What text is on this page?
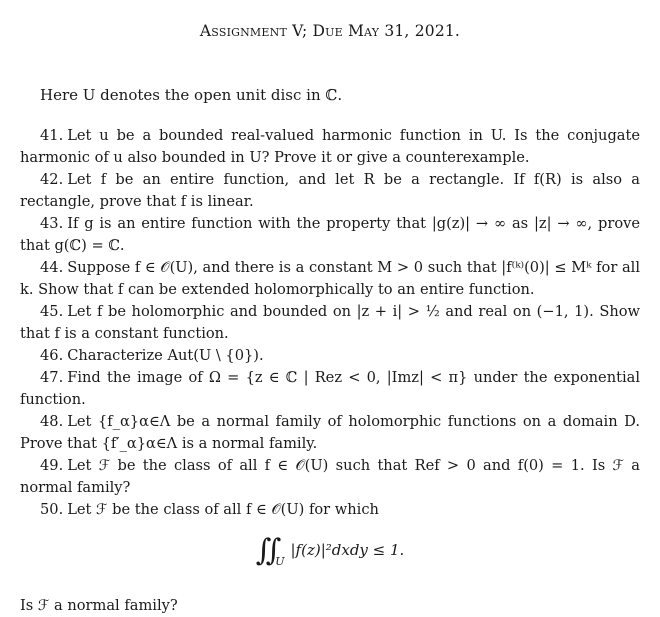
Assignment V; Due May 31, 2021.
Here U denotes the open unit disc in ℂ.

41. Let u be a bounded real-valued harmonic function in U. Is the conjugate harmonic of u also bounded in U? Prove it or give a counterexample.

42. Let f be an entire function, and let R be a rectangle. If f(R) is also a rectangle, prove that f is linear.

43. If g is an entire function with the property that |g(z)| → ∞ as |z| → ∞, prove that g(ℂ) = ℂ.

44. Suppose f ∈ 𝒪(U), and there is a constant M > 0 such that |f⁽ᵏ⁾(0)| ≤ Mᵏ for all k. Show that f can be extended holomorphically to an entire function.

45. Let f be holomorphic and bounded on |z + i| > ½ and real on (−1, 1). Show that f is a constant function.

46. Characterize Aut(U \ {0}).

47. Find the image of Ω = {z ∈ ℂ | Rez < 0, |Imz| < π} under the exponential function.

48. Let {f_α}α∈Λ be a normal family of holomorphic functions on a domain D. Prove that {f′_α}α∈Λ is a normal family.

49. Let ℱ be the class of all f ∈ 𝒪(U) such that Ref > 0 and f(0) = 1. Is ℱ a normal family?

50. Let ℱ be the class of all f ∈ 𝒪(U) for which

$∬_U|f(z)|^2dxdy \le 1$.

Is ℱ a normal family?
